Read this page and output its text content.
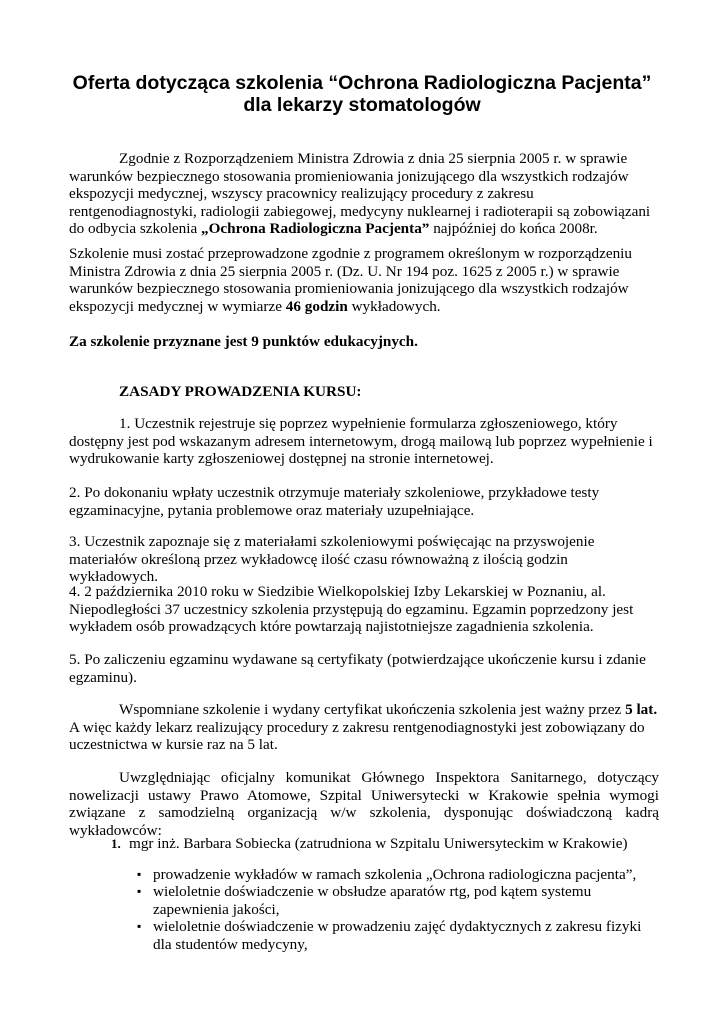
Oferta dotycząca szkolenia “Ochrona Radiologiczna Pacjenta”
dla lekarzy stomatologów
Zgodnie z Rozporządzeniem Ministra Zdrowia z dnia 25 sierpnia 2005 r. w sprawie warunków bezpiecznego stosowania promieniowania jonizującego dla wszystkich rodzajów ekspozycji medycznej, wszyscy pracownicy realizujący procedury z zakresu rentgenodiagnostyki, radiologii zabiegowej, medycyny nuklearnej i radioterapii są zobowiązani do odbycia szkolenia „Ochrona Radiologiczna Pacjenta” najpóźniej do końca 2008r.
Szkolenie musi zostać przeprowadzone zgodnie z programem określonym w rozporządzeniu Ministra Zdrowia z dnia 25 sierpnia 2005 r. (Dz. U. Nr 194 poz. 1625 z 2005 r.) w sprawie warunków bezpiecznego stosowania promieniowania jonizującego dla wszystkich rodzajów ekspozycji medycznej w wymiarze 46 godzin wykładowych.
Za szkolenie przyznane jest 9 punktów edukacyjnych.
ZASADY PROWADZENIA KURSU:
1. Uczestnik rejestruje się poprzez wypełnienie formularza zgłoszeniowego, który dostępny jest pod wskazanym adresem internetowym, drogą mailową lub poprzez wypełnienie i wydrukowanie karty zgłoszeniowej dostępnej na stronie internetowej.
2. Po dokonaniu wpłaty uczestnik otrzymuje materiały szkoleniowe, przykładowe testy egzaminacyjne, pytania problemowe oraz materiały uzupełniające.
3. Uczestnik zapoznaje się z materiałami szkoleniowymi poświęcając na przyswojenie materiałów określoną przez wykładowcę ilość czasu równoważną z ilością godzin wykładowych.
4. 2 października 2010 roku w Siedzibie Wielkopolskiej Izby Lekarskiej w Poznaniu, al. Niepodległości 37 uczestnicy szkolenia przystępują do egzaminu. Egzamin poprzedzony jest wykładem osób prowadzących które powtarzają najistotniejsze zagadnienia szkolenia.
5. Po zaliczeniu egzaminu wydawane są certyfikaty (potwierdzające ukończenie kursu i zdanie egzaminu).
Wspomniane szkolenie i wydany certyfikat ukończenia szkolenia jest ważny przez 5 lat. A więc każdy lekarz realizujący procedury z zakresu rentgenodiagnostyki jest zobowiązany do uczestnictwa w kursie raz na 5 lat.
Uwzględniając oficjalny komunikat Głównego Inspektora Sanitarnego, dotyczący nowelizacji ustawy Prawo Atomowe, Szpital Uniwersytecki w Krakowie spełnia wymogi związane z samodzielną organizacją w/w szkolenia, dysponując doświadczoną kadrą wykładowców:
1. mgr inż. Barbara Sobiecka (zatrudniona w Szpitalu Uniwersyteckim w Krakowie)
▪ prowadzenie wykładów w ramach szkolenia „Ochrona radiologiczna pacjenta”,
▪ wieloletnie doświadczenie w obsłudze aparatów rtg, pod kątem systemu zapewnienia jakości,
▪ wieloletnie doświadczenie w prowadzeniu zajęć dydaktycznych z zakresu fizyki dla studentów medycyny,
